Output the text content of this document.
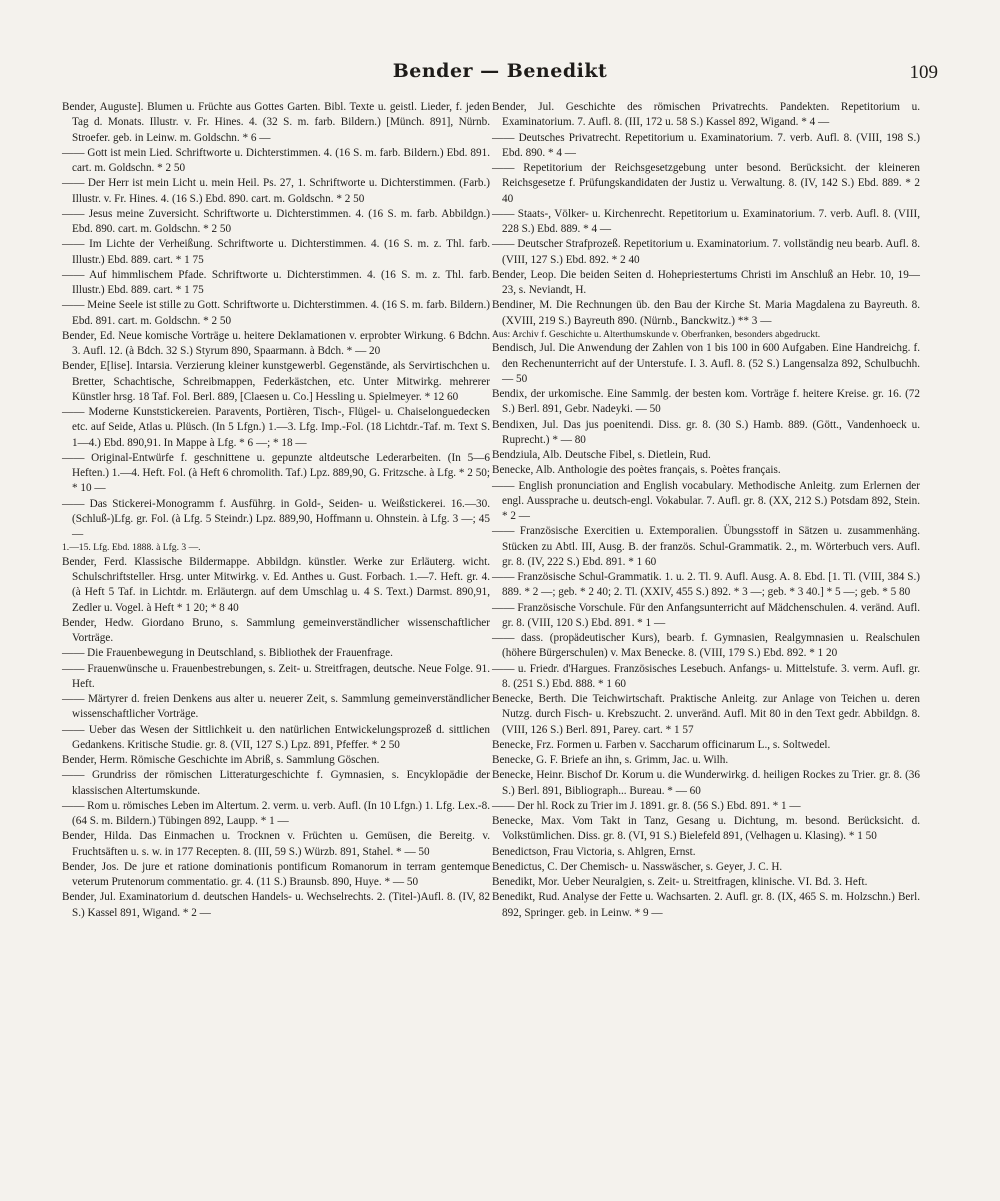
Bender — Benedikt	109

Bender, Auguste]. Blumen u. Früchte aus Gottes Garten. Bibl. Texte u. geistl. Lieder, f. jeden Tag d. Monats. Illustr. v. Fr. Hines. 4. (32 S. m. farb. Bildern.) [Münch. 891], Nürnb. Stroefer. geb. in Leinw. m. Goldschn. * 6 —

—— Gott ist mein Lied. Schriftworte u. Dichterstimmen. 4. (16 S. m. farb. Bildern.) Ebd. 891. cart. m. Goldschn. * 2 50

—— Der Herr ist mein Licht u. mein Heil. Ps. 27, 1. Schriftworte u. Dichterstimmen. (Farb.) Illustr. v. Fr. Hines. 4. (16 S.) Ebd. 890. cart. m. Goldschn. * 2 50

—— Jesus meine Zuversicht. Schriftworte u. Dichterstimmen. 4. (16 S. m. farb. Abbildgn.) Ebd. 890. cart. m. Goldschn. * 2 50

—— Im Lichte der Verheißung. Schriftworte u. Dichterstimmen. 4. (16 S. m. z. Thl. farb. Illustr.) Ebd. 889. cart. * 1 75

—— Auf himmlischem Pfade. Schriftworte u. Dichterstimmen. 4. (16 S. m. z. Thl. farb. Illustr.) Ebd. 889. cart. * 1 75

—— Meine Seele ist stille zu Gott. Schriftworte u. Dichterstimmen. 4. (16 S. m. farb. Bildern.) Ebd. 891. cart. m. Goldschn. * 2 50

Bender, Ed. Neue komische Vorträge u. heitere Deklamationen v. erprobter Wirkung. 6 Bdchn. 3. Aufl. 12. (à Bdch. 32 S.) Styrum 890, Spaarmann. à Bdch. * — 20

Bender, E[lise]. Intarsia. Verzierung kleiner kunstgewerbl. Gegenstände, als Servirtischchen u. Bretter, Schachtische, Schreibmappen, Federkästchen, etc. Unter Mitwirkg. mehrerer Künstler hrsg. 18 Taf. Fol. Berl. 889, [Claesen u. Co.] Hessling u. Spielmeyer. * 12 60

—— Moderne Kunststickereien. Paravents, Portièren, Tisch-, Flügel- u. Chaiselonguedecken etc. auf Seide, Atlas u. Plüsch. (In 5 Lfgn.) 1.—3. Lfg. Imp.-Fol. (18 Lichtdr.-Taf. m. Text S. 1—4.) Ebd. 890,91. In Mappe à Lfg. * 6 —; * 18 —

—— Original-Entwürfe f. geschnittene u. gepunzte altdeutsche Lederarbeiten. (In 5—6 Heften.) 1.—4. Heft. Fol. (à Heft 6 chromolith. Taf.) Lpz. 889,90, G. Fritzsche. à Lfg. * 2 50; * 10 —

—— Das Stickerei-Monogramm f. Ausführg. in Gold-, Seiden- u. Weißstickerei. 16.—30. (Schluß-)Lfg. gr. Fol. (à Lfg. 5 Steindr.) Lpz. 889,90, Hoffmann u. Ohnstein. à Lfg. 3 —; 45 —

1.—15. Lfg. Ebd. 1888. à Lfg. 3 —.

Bender, Ferd. Klassische Bildermappe. Abbildgn. künstler. Werke zur Erläuterg. wicht. Schulschriftsteller. Hrsg. unter Mitwirkg. v. Ed. Anthes u. Gust. Forbach. 1.—7. Heft. gr. 4. (à Heft 5 Taf. in Lichtdr. m. Erläutergn. auf dem Umschlag u. 4 S. Text.) Darmst. 890,91, Zedler u. Vogel. à Heft * 1 20; * 8 40

Bender, Hedw. Giordano Bruno, s. Sammlung gemeinverständlicher wissenschaftlicher Vorträge.

—— Die Frauenbewegung in Deutschland, s. Bibliothek der Frauenfrage.

—— Frauenwünsche u. Frauenbestrebungen, s. Zeit- u. Streitfragen, deutsche. Neue Folge. 91. Heft.

—— Märtyrer d. freien Denkens aus alter u. neuerer Zeit, s. Sammlung gemeinverständlicher wissenschaftlicher Vorträge.

—— Ueber das Wesen der Sittlichkeit u. den natürlichen Entwickelungsprozeß d. sittlichen Gedankens. Kritische Studie. gr. 8. (VII, 127 S.) Lpz. 891, Pfeffer. * 2 50

Bender, Herm. Römische Geschichte im Abriß, s. Sammlung Göschen.

—— Grundriss der römischen Litteraturgeschichte f. Gymnasien, s. Encyklopädie der klassischen Altertumskunde.

—— Rom u. römisches Leben im Altertum. 2. verm. u. verb. Aufl. (In 10 Lfgn.) 1. Lfg. Lex.-8. (64 S. m. Bildern.) Tübingen 892, Laupp. * 1 —

Bender, Hilda. Das Einmachen u. Trocknen v. Früchten u. Gemüsen, die Bereitg. v. Fruchtsäften u. s. w. in 177 Recepten. 8. (III, 59 S.) Würzb. 891, Stahel. * — 50

Bender, Jos. De jure et ratione dominationis pontificum Romanorum in terram gentemque veterum Prutenorum commentatio. gr. 4. (11 S.) Braunsb. 890, Huye. * — 50

Bender, Jul. Examinatorium d. deutschen Handels- u. Wechselrechts. 2. (Titel-)Aufl. 8. (IV, 82 S.) Kassel 891, Wigand. * 2 —

Bender, Jul. Geschichte des römischen Privatrechts. Pandekten. Repetitorium u. Examinatorium. 7. Aufl. 8. (III, 172 u. 58 S.) Kassel 892, Wigand. * 4 —

—— Deutsches Privatrecht. Repetitorium u. Examinatorium. 7. verb. Aufl. 8. (VIII, 198 S.) Ebd. 890. * 4 —

—— Repetitorium der Reichsgesetzgebung unter besond. Berücksicht. der kleineren Reichsgesetze f. Prüfungskandidaten der Justiz u. Verwaltung. 8. (IV, 142 S.) Ebd. 889. * 2 40

—— Staats-, Völker- u. Kirchenrecht. Repetitorium u. Examinatorium. 7. verb. Aufl. 8. (VIII, 228 S.) Ebd. 889. * 4 —

—— Deutscher Strafprozeß. Repetitorium u. Examinatorium. 7. vollständig neu bearb. Aufl. 8. (VIII, 127 S.) Ebd. 892. * 2 40

Bender, Leop. Die beiden Seiten d. Hohepriestertums Christi im Anschluß an Hebr. 10, 19—23, s. Neviandt, H.

Bendiner, M. Die Rechnungen üb. den Bau der Kirche St. Maria Magdalena zu Bayreuth. 8. (XVIII, 219 S.) Bayreuth 890. (Nürnb., Banckwitz.) ** 3 —

Aus: Archiv f. Geschichte u. Alterthumskunde v. Oberfranken, besonders abgedruckt.

Bendisch, Jul. Die Anwendung der Zahlen von 1 bis 100 in 600 Aufgaben. Eine Handreichg. f. den Rechenunterricht auf der Unterstufe. I. 3. Aufl. 8. (52 S.) Langensalza 892, Schulbuchh. — 50

Bendix, der urkomische. Eine Sammlg. der besten kom. Vorträge f. heitere Kreise. gr. 16. (72 S.) Berl. 891, Gebr. Nadeyki. — 50

Bendixen, Jul. Das jus poenitendi. Diss. gr. 8. (30 S.) Hamb. 889. (Gött., Vandenhoeck u. Ruprecht.) * — 80

Bendziula, Alb. Deutsche Fibel, s. Dietlein, Rud.

Benecke, Alb. Anthologie des poètes français, s. Poètes français.

—— English pronunciation and English vocabulary. Methodische Anleitg. zum Erlernen der engl. Aussprache u. deutsch-engl. Vokabular. 7. Aufl. gr. 8. (XX, 212 S.) Potsdam 892, Stein. * 2 —

—— Französische Exercitien u. Extemporalien. Übungsstoff in Sätzen u. zusammenhäng. Stücken zu Abtl. III, Ausg. B. der französ. Schul-Grammatik. 2., m. Wörterbuch vers. Aufl. gr. 8. (IV, 222 S.) Ebd. 891. * 1 60

—— Französische Schul-Grammatik. 1. u. 2. Tl. 9. Aufl. Ausg. A. 8. Ebd. [1. Tl. (VIII, 384 S.) 889. * 2 —; geb. * 2 40; 2. Tl. (XXIV, 455 S.) 892. * 3 —; geb. * 3 40.] * 5 —; geb. * 5 80

—— Französische Vorschule. Für den Anfangsunterricht auf Mädchenschulen. 4. veränd. Aufl. gr. 8. (VIII, 120 S.) Ebd. 891. * 1 —

—— dass. (propädeutischer Kurs), bearb. f. Gymnasien, Realgymnasien u. Realschulen (höhere Bürgerschulen) v. Max Benecke. 8. (VIII, 179 S.) Ebd. 892. * 1 20

—— u. Friedr. d'Hargues. Französisches Lesebuch. Anfangs- u. Mittelstufe. 3. verm. Aufl. gr. 8. (251 S.) Ebd. 888. * 1 60

Benecke, Berth. Die Teichwirtschaft. Praktische Anleitg. zur Anlage von Teichen u. deren Nutzg. durch Fisch- u. Krebszucht. 2. unveränd. Aufl. Mit 80 in den Text gedr. Abbildgn. 8. (VIII, 126 S.) Berl. 891, Parey. cart. * 1 57

Benecke, Frz. Formen u. Farben v. Saccharum officinarum L., s. Soltwedel.

Benecke, G. F. Briefe an ihn, s. Grimm, Jac. u. Wilh.

Benecke, Heinr. Bischof Dr. Korum u. die Wunderwirkg. d. heiligen Rockes zu Trier. gr. 8. (36 S.) Berl. 891, Bibliograph... Bureau. * — 60

—— Der hl. Rock zu Trier im J. 1891. gr. 8. (56 S.) Ebd. 891. * 1 —

Benecke, Max. Vom Takt in Tanz, Gesang u. Dichtung, m. besond. Berücksicht. d. Volkstümlichen. Diss. gr. 8. (VI, 91 S.) Bielefeld 891, (Velhagen u. Klasing). * 1 50

Benedictson, Frau Victoria, s. Ahlgren, Ernst.

Benedictus, C. Der Chemisch- u. Nasswäscher, s. Geyer, J. C. H.

Benedikt, Mor. Ueber Neuralgien, s. Zeit- u. Streitfragen, klinische. VI. Bd. 3. Heft.

Benedikt, Rud. Analyse der Fette u. Wachsarten. 2. Aufl. gr. 8. (IX, 465 S. m. Holzschn.) Berl. 892, Springer. geb. in Leinw. * 9 —
